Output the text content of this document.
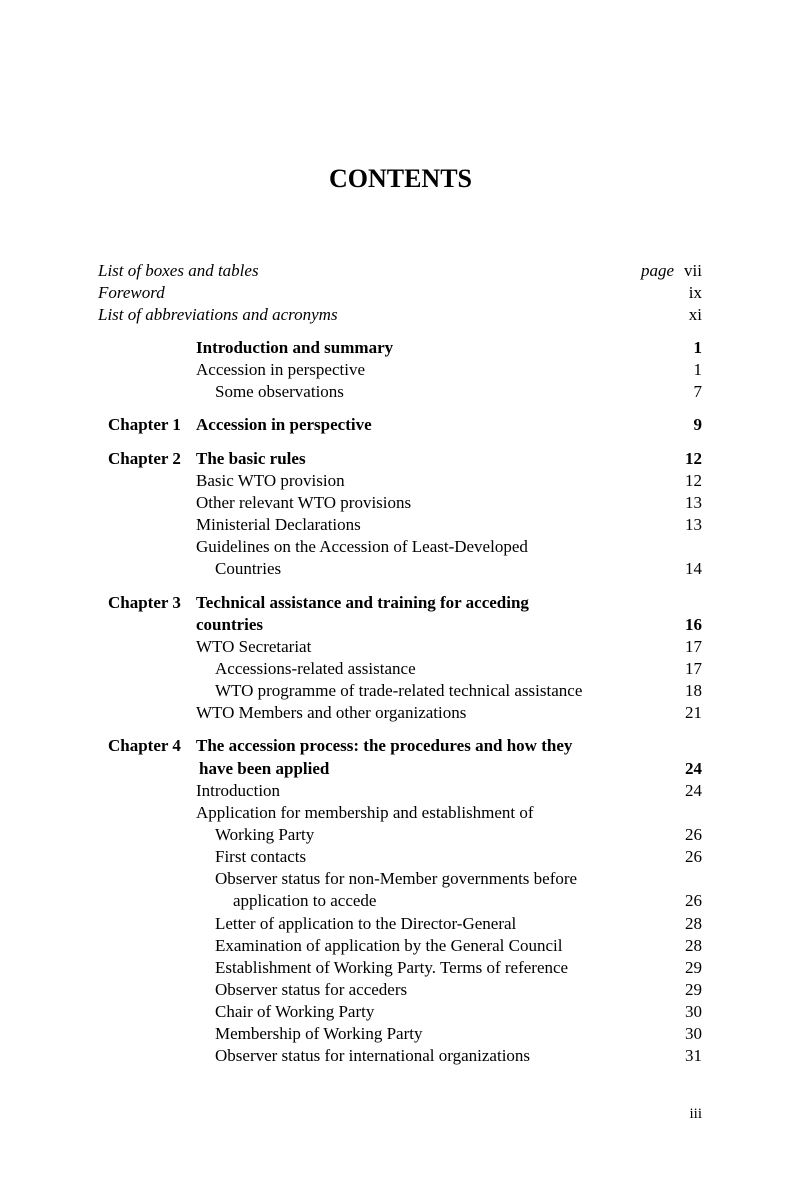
CONTENTS
List of boxes and tables	page vii
Foreword	ix
List of abbreviations and acronyms	xi
Introduction and summary	1
Accession in perspective	1
Some observations	7
Chapter 1 Accession in perspective	9
Chapter 2 The basic rules	12
Basic WTO provision	12
Other relevant WTO provisions	13
Ministerial Declarations	13
Guidelines on the Accession of Least-Developed
Countries	14
Chapter 3 Technical assistance and training for acceding
countries	16
WTO Secretariat	17
Accessions-related assistance	17
WTO programme of trade-related technical assistance	18
WTO Members and other organizations	21
Chapter 4 The accession process: the procedures and how they
have been applied	24
Introduction	24
Application for membership and establishment of
Working Party	26
First contacts	26
Observer status for non-Member governments before
application to accede	26
Letter of application to the Director-General	28
Examination of application by the General Council	28
Establishment of Working Party. Terms of reference	29
Observer status for acceders	29
Chair of Working Party	30
Membership of Working Party	30
Observer status for international organizations	31
iii
